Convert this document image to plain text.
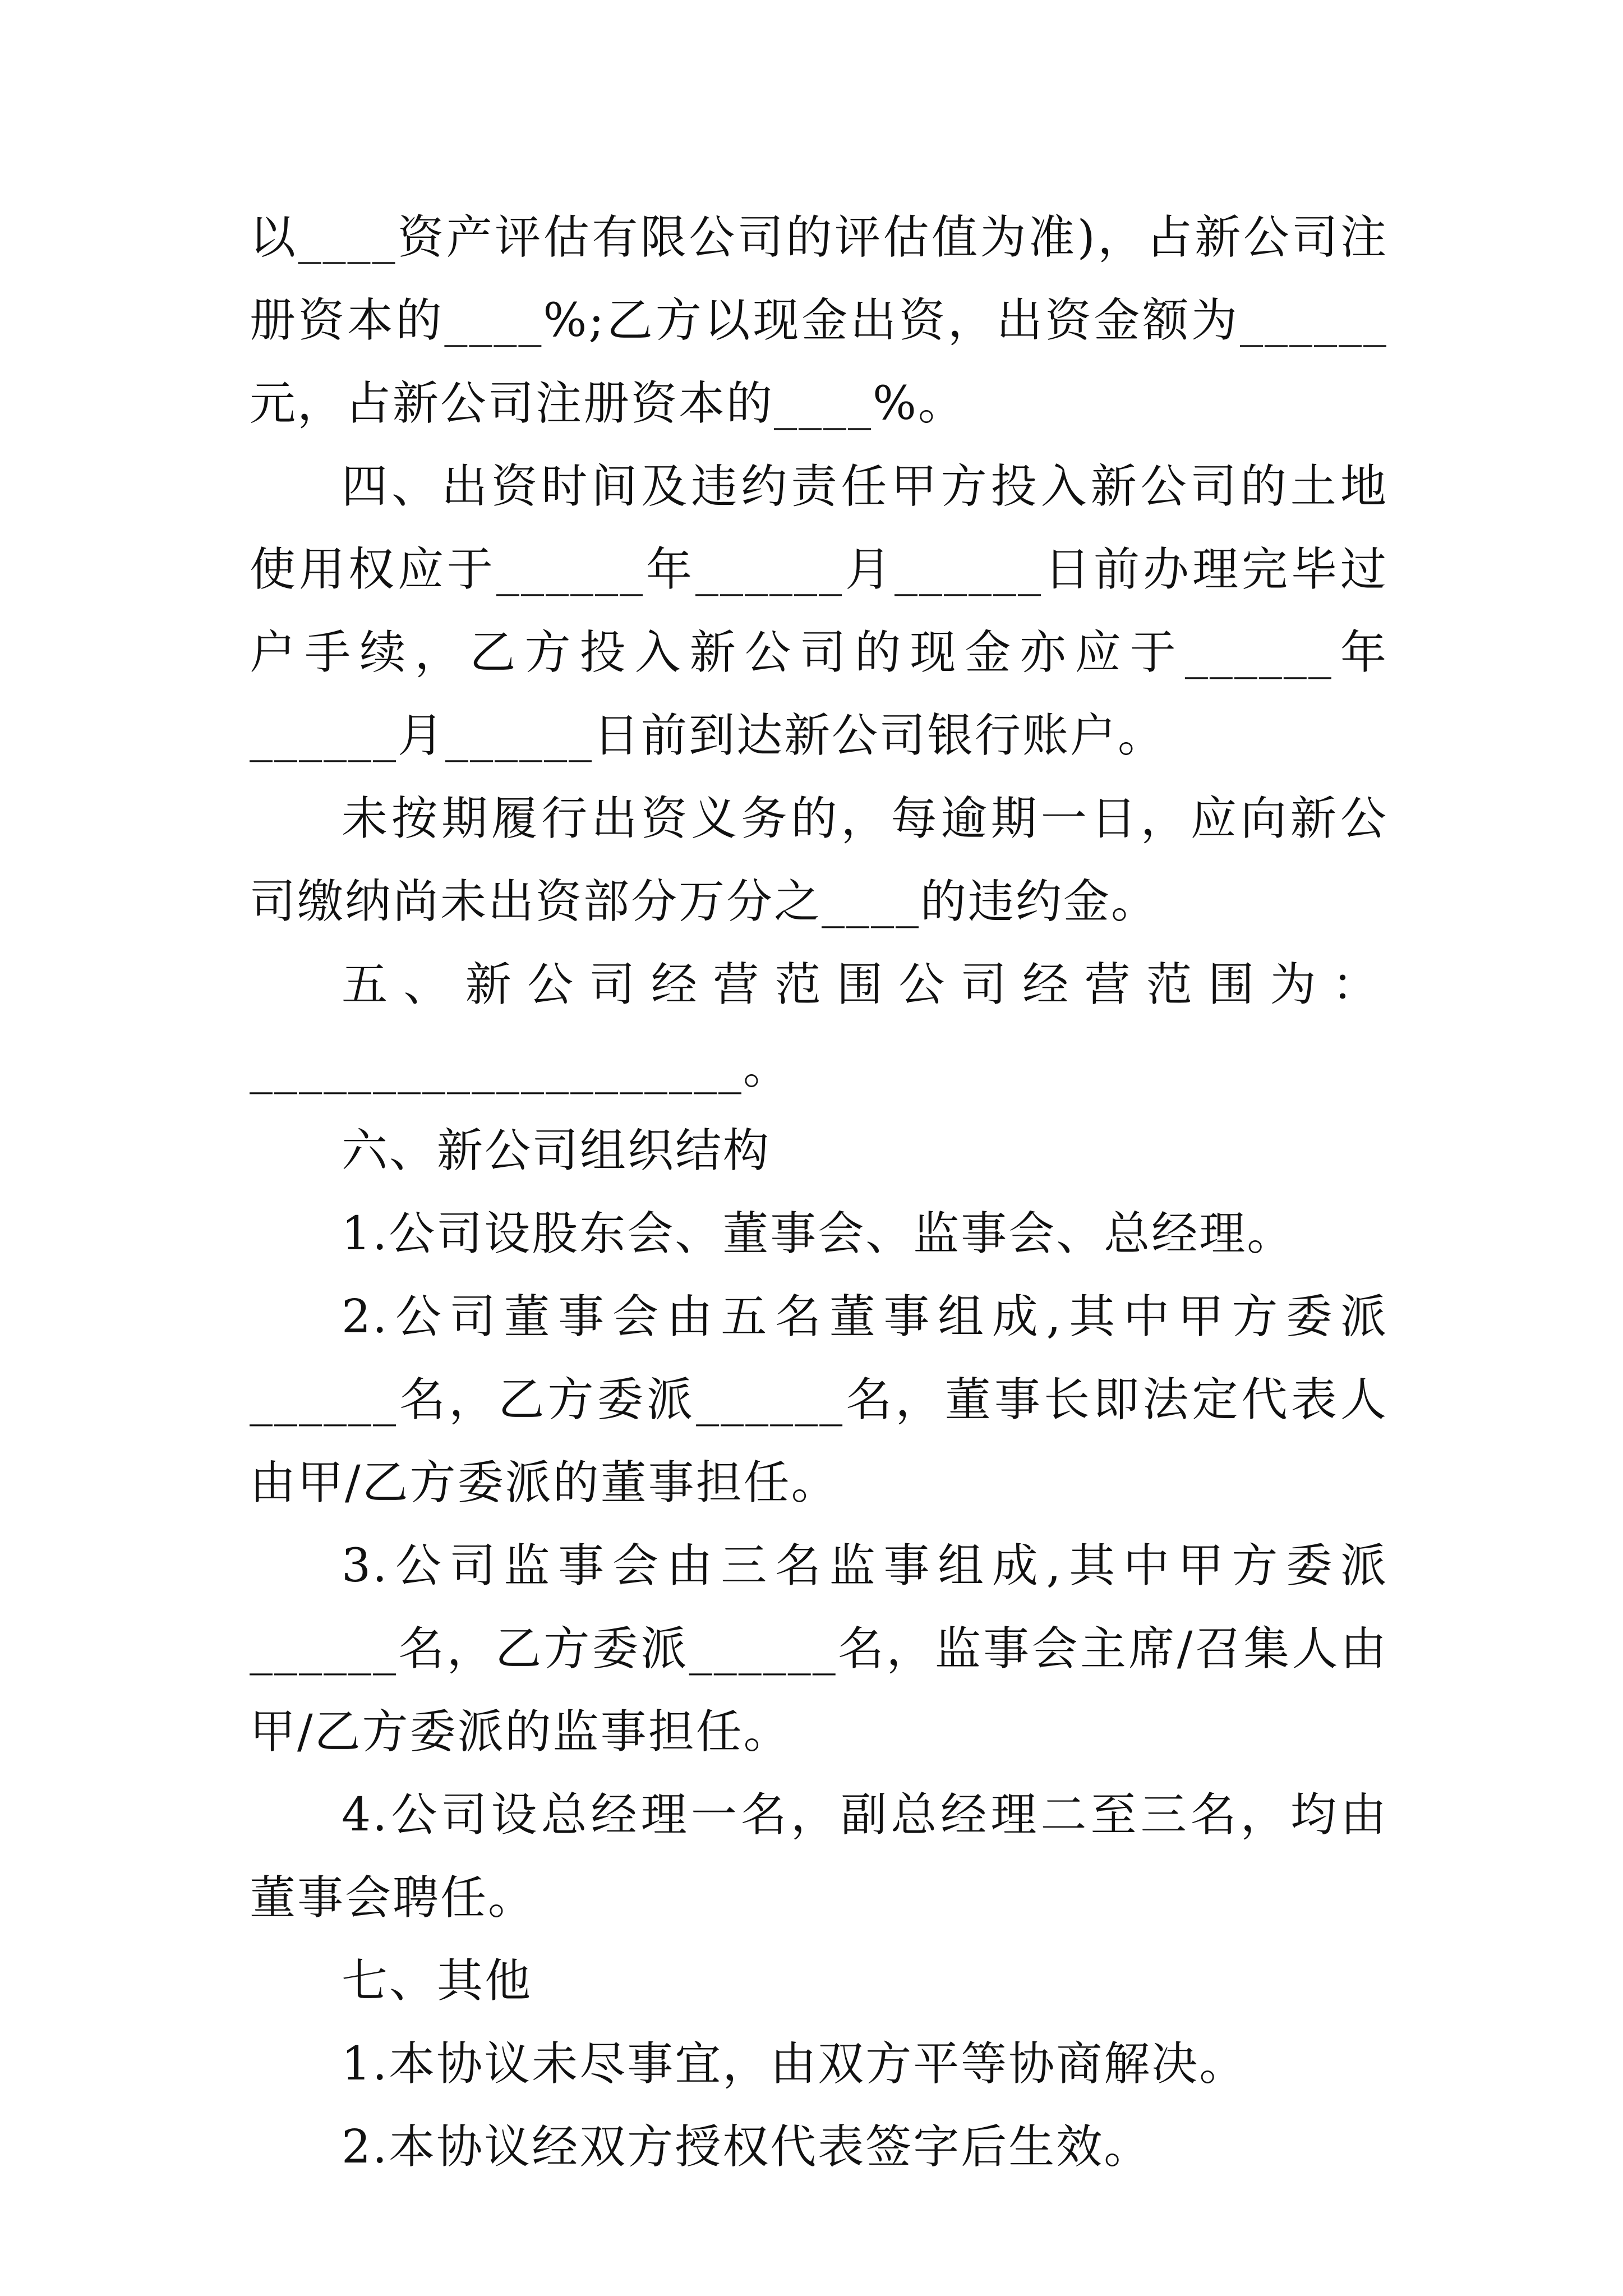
以____资产评估有限公司的评估值为准)，占新公司注册资本的____%;乙方以现金出资，出资金额为______元，占新公司注册资本的____%。

四、出资时间及违约责任甲方投入新公司的土地使用权应于______年______月______日前办理完毕过户手续，乙方投入新公司的现金亦应于______年______月______日前到达新公司银行账户。

未按期履行出资义务的，每逾期一日，应向新公司缴纳尚未出资部分万分之____的违约金。

五、新公司经营范围公司经营范围为：

____________________。

六、新公司组织结构

1.公司设股东会、董事会、监事会、总经理。

2.公司董事会由五名董事组成,其中甲方委派______名，乙方委派______名，董事长即法定代表人由甲/乙方委派的董事担任。

3.公司监事会由三名监事组成,其中甲方委派______名，乙方委派______名，监事会主席/召集人由甲/乙方委派的监事担任。

4.公司设总经理一名，副总经理二至三名，均由董事会聘任。

七、其他

1.本协议未尽事宜，由双方平等协商解决。

2.本协议经双方授权代表签字后生效。
